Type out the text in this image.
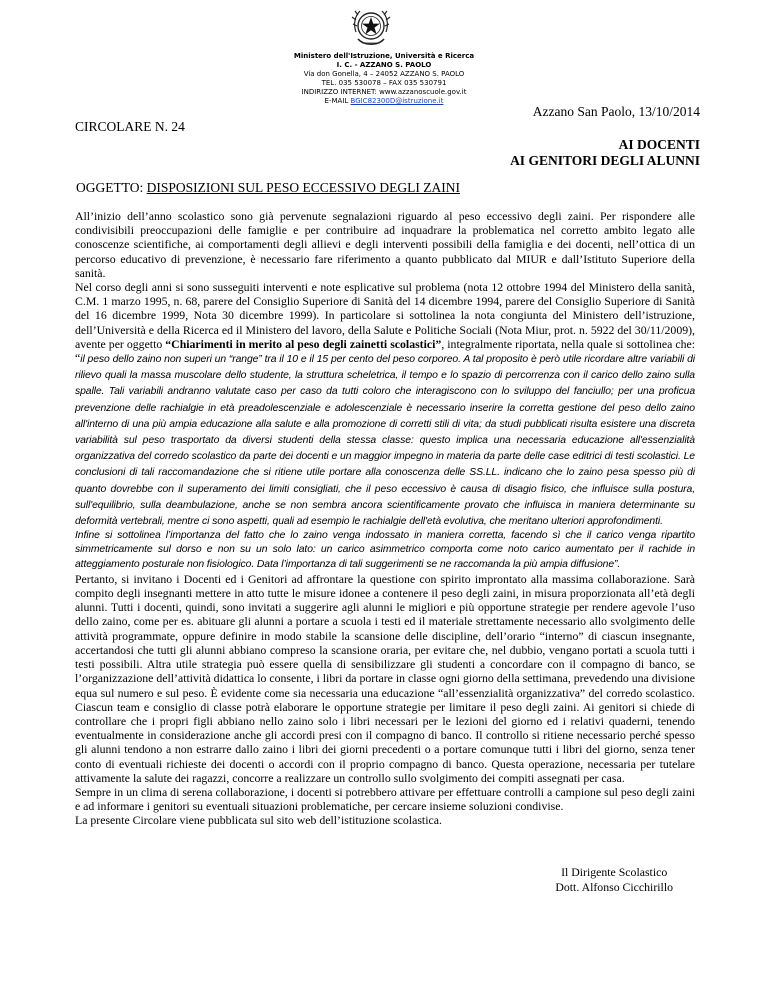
Ministero dell'Istruzione, Università e Ricerca
I. C. - AZZANO S. PAOLO
Via don Gonella, 4 – 24052 AZZANO S. PAOLO
TEL. 035 530078 – FAX 035 530791
INDIRIZZO INTERNET: www.azzanoscuole.gov.it
E-MAIL BGIC82300D@istruzione.it
Azzano San Paolo, 13/10/2014
CIRCOLARE N. 24
AI DOCENTI
AI GENITORI DEGLI ALUNNI
OGGETTO: DISPOSIZIONI SUL PESO ECCESSIVO DEGLI ZAINI

All’inizio dell’anno scolastico sono già pervenute segnalazioni riguardo al peso eccessivo degli zaini. Per rispondere alle condivisibili preoccupazioni delle famiglie e per contribuire ad inquadrare la problematica nel corretto ambito legato alle conoscenze scientifiche, ai comportamenti degli allievi e degli interventi possibili della famiglia e dei docenti, nell’ottica di un percorso educativo di prevenzione, è necessario fare riferimento a quanto pubblicato dal MIUR e dall’Istituto Superiore della sanità.

Nel corso degli anni si sono susseguiti interventi e note esplicative sul problema (nota 12 ottobre 1994 del Ministero della sanità, C.M. 1 marzo 1995, n. 68, parere del Consiglio Superiore di Sanità del 14 dicembre 1994, parere del Consiglio Superiore di Sanità del 16 dicembre 1999, Nota 30 dicembre 1999). In particolare si sottolinea la nota congiunta del Ministero dell’istruzione, dell’Università e della Ricerca ed il Ministero del lavoro, della Salute e Politiche Sociali (Nota Miur, prot. n. 5922 del 30/11/2009), avente per oggetto “Chiarimenti in merito al peso degli zainetti scolastici”, integralmente riportata, nella quale si sottolinea che: “il peso dello zaino non superi un “range” tra il 10 e il 15 per cento del peso corporeo. A tal proposito è però utile ricordare altre variabili di rilievo quali la massa muscolare dello studente, la struttura scheletrica, il tempo e lo spazio di percorrenza con il carico dello zaino sulla spalle. Tali variabili andranno valutate caso per caso da tutti coloro che interagiscono con lo sviluppo del fanciullo; per una proficua prevenzione delle rachialgie in età preadolescenziale e adolescenziale è necessario inserire la corretta gestione del peso dello zaino all'interno di una più ampia educazione alla salute e alla promozione di corretti stili di vita; da studi pubblicati risulta esistere una discreta variabilità sul peso trasportato da diversi studenti della stessa classe: questo implica una necessaria educazione all'essenzialità organizzativa del corredo scolastico da parte dei docenti e un maggior impegno in materia da parte delle case editrici di testi scolastici. Le conclusioni di tali raccomandazione che si ritiene utile portare alla conoscenza delle SS.LL. indicano che lo zaino pesa spesso più di quanto dovrebbe con il superamento dei limiti consigliati, che il peso eccessivo è causa di disagio fisico, che influisce sulla postura, sull'equilibrio, sulla deambulazione, anche se non sembra ancora scientificamente provato che influisca in maniera determinante su deformità vertebrali, mentre ci sono aspetti, quali ad esempio le rachialgie dell'età evolutiva, che meritano ulteriori approfondimenti.

Infine si sottolinea l’importanza del fatto che lo zaino venga indossato in maniera corretta, facendo sì che il carico venga ripartito simmetricamente sul dorso e non su un solo lato: un carico asimmetrico comporta come noto carico aumentato per il rachide in atteggiamento posturale non fisiologico. Data l’importanza di tali suggerimenti se ne raccomanda la più ampia diffusione”.

Pertanto, si invitano i Docenti ed i Genitori ad affrontare la questione con spirito improntato alla massima collaborazione. Sarà compito degli insegnanti mettere in atto tutte le misure idonee a contenere il peso degli zaini, in misura proporzionata all’età degli alunni. Tutti i docenti, quindi, sono invitati a suggerire agli alunni le migliori e più opportune strategie per rendere agevole l’uso dello zaino, come per es. abituare gli alunni a portare a scuola i testi ed il materiale strettamente necessario allo svolgimento delle attività programmate, oppure definire in modo stabile la scansione delle discipline, dell’orario “interno” di ciascun insegnante, accertandosi che tutti gli alunni abbiano compreso la scansione oraria, per evitare che, nel dubbio, vengano portati a scuola tutti i testi possibili. Altra utile strategia può essere quella di sensibilizzare gli studenti a concordare con il compagno di banco, se l’organizzazione dell’attività didattica lo consente, i libri da portare in classe ogni giorno della settimana, prevedendo una divisione equa sul numero e sul peso. È evidente come sia necessaria una educazione “all’essenzialità organizzativa” del corredo scolastico. Ciascun team e consiglio di classe potrà elaborare le opportune strategie per limitare il peso degli zaini. Ai genitori si chiede di controllare che i propri figli abbiano nello zaino solo i libri necessari per le lezioni del giorno ed i relativi quaderni, tenendo eventualmente in considerazione anche gli accordi presi con il compagno di banco. Il controllo si ritiene necessario perché spesso gli alunni tendono a non estrarre dallo zaino i libri dei giorni precedenti o a portare comunque tutti i libri del giorno, senza tener conto di eventuali richieste dei docenti o accordi con il proprio compagno di banco. Questa operazione, necessaria per tutelare attivamente la salute dei ragazzi, concorre a realizzare un controllo sullo svolgimento dei compiti assegnati per casa.

Sempre in un clima di serena collaborazione, i docenti si potrebbero attivare per effettuare controlli a campione sul peso degli zaini e ad informare i genitori su eventuali situazioni problematiche, per cercare insieme soluzioni condivise.

La presente Circolare viene pubblicata sul sito web dell’istituzione scolastica.

Il Dirigente Scolastico
Dott. Alfonso Cicchirillo
